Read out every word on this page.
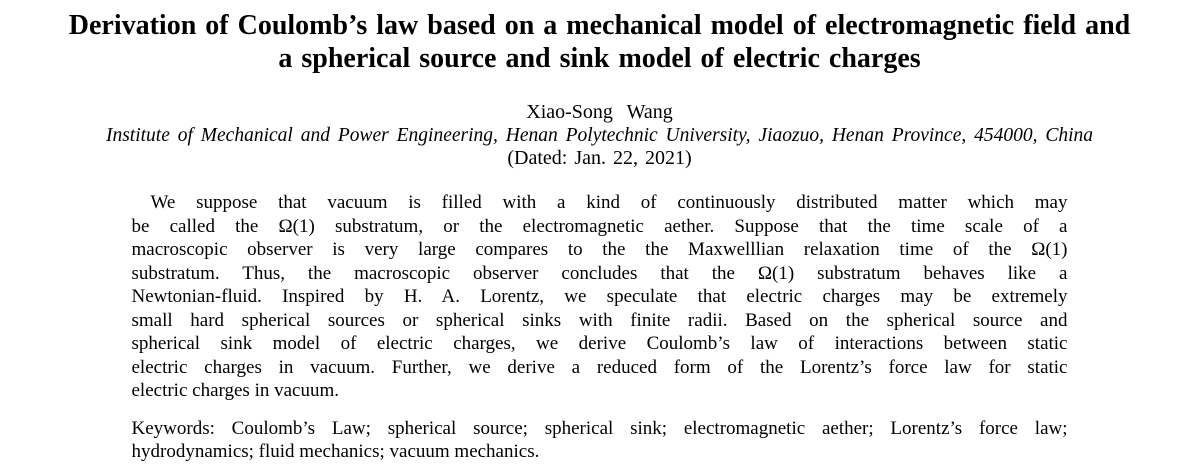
Derivation of Coulomb’s law based on a mechanical model of electromagnetic field and
a spherical source and sink model of electric charges
Xiao-Song  Wang
Institute of Mechanical and Power Engineering, Henan Polytechnic University, Jiaozuo, Henan Province, 454000, China
(Dated: Jan. 22, 2021)
We suppose that vacuum is filled with a kind of continuously distributed matter which may
be called the Ω(1) substratum, or the electromagnetic aether. Suppose that the time scale of a
macroscopic observer is very large compares to the the Maxwelllian relaxation time of the Ω(1)
substratum. Thus, the macroscopic observer concludes that the Ω(1) substratum behaves like a
Newtonian-fluid. Inspired by H. A. Lorentz, we speculate that electric charges may be extremely
small hard spherical sources or spherical sinks with finite radii. Based on the spherical source and
spherical sink model of electric charges, we derive Coulomb’s law of interactions between static
electric charges in vacuum. Further, we derive a reduced form of the Lorentz’s force law for static
electric charges in vacuum.
Keywords: Coulomb’s Law; spherical source; spherical sink; electromagnetic aether; Lorentz’s force law;
hydrodynamics; fluid mechanics; vacuum mechanics.
